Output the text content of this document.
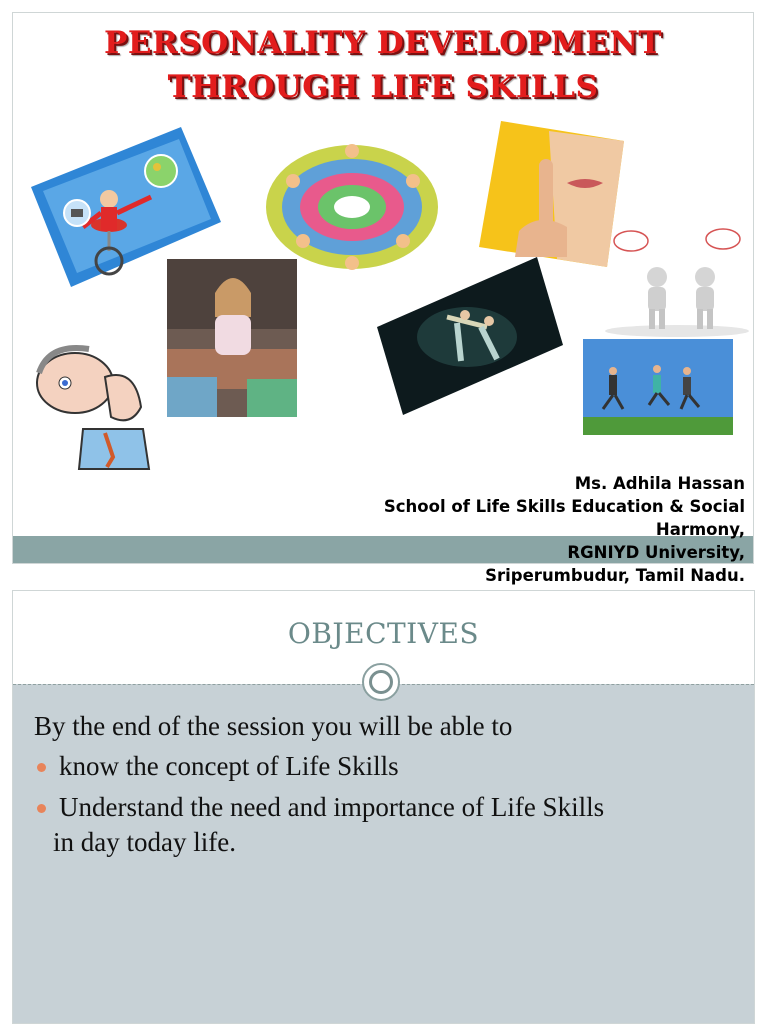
PERSONALITY DEVELOPMENT
THROUGH LIFE SKILLS
Ms. Adhila Hassan
School of Life Skills Education & Social
Harmony,
RGNIYD University,
Sriperumbudur, Tamil Nadu.
OBJECTIVES
By the end of the session you will be able to
know the concept of Life Skills
Understand the need and importance of Life Skills
in day today life.
